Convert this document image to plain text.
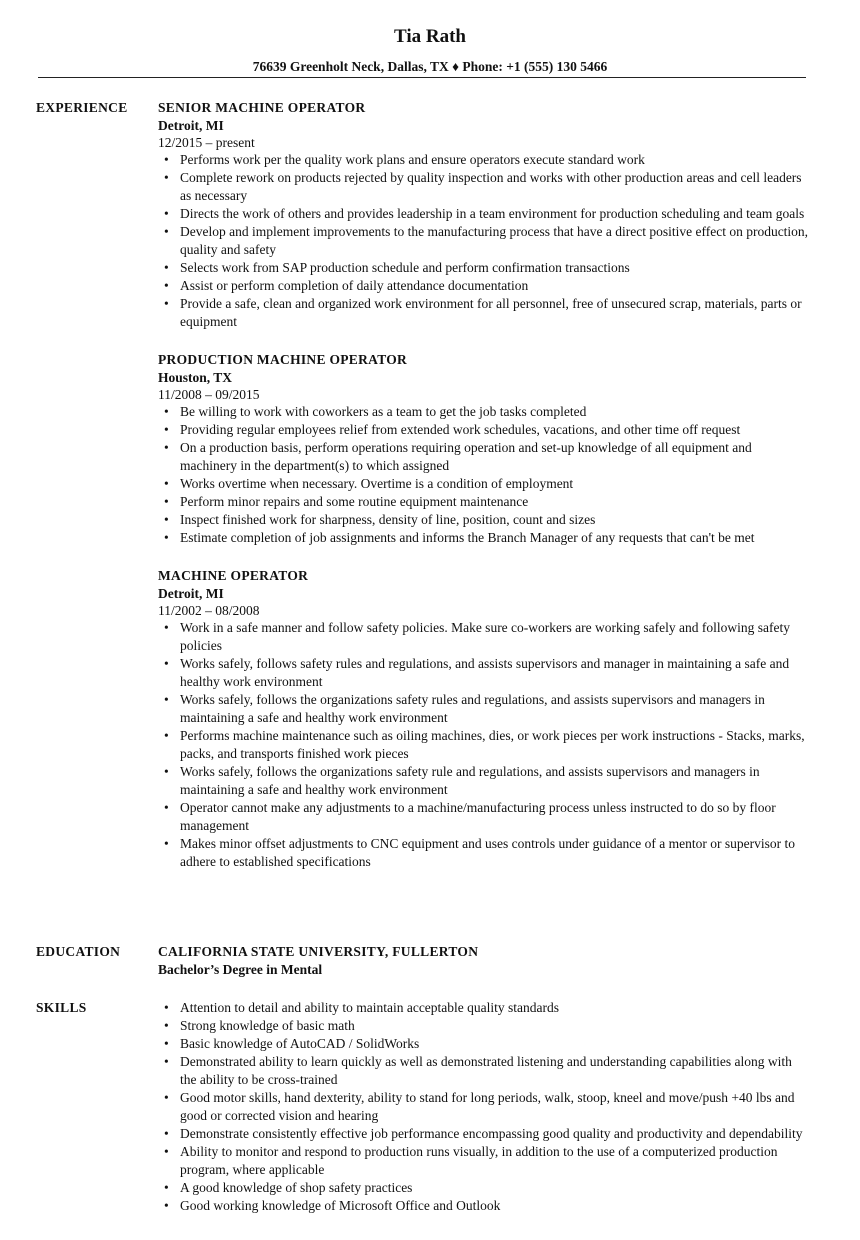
Tia Rath
76639 Greenholt Neck, Dallas, TX ♦ Phone: +1 (555) 130 5466
EXPERIENCE SENIOR MACHINE OPERATOR
Detroit, MI
12/2015 – present
• Performs work per the quality work plans and ensure operators execute standard work
• Complete rework on products rejected by quality inspection and works with other production areas and cell leaders as necessary
• Directs the work of others and provides leadership in a team environment for production scheduling and team goals
• Develop and implement improvements to the manufacturing process that have a direct positive effect on production, quality and safety
• Selects work from SAP production schedule and perform confirmation transactions
• Assist or perform completion of daily attendance documentation
• Provide a safe, clean and organized work environment for all personnel, free of unsecured scrap, materials, parts or equipment
PRODUCTION MACHINE OPERATOR
Houston, TX
11/2008 – 09/2015
• Be willing to work with coworkers as a team to get the job tasks completed
• Providing regular employees relief from extended work schedules, vacations, and other time off request
• On a production basis, perform operations requiring operation and set-up knowledge of all equipment and machinery in the department(s) to which assigned
• Works overtime when necessary. Overtime is a condition of employment
• Perform minor repairs and some routine equipment maintenance
• Inspect finished work for sharpness, density of line, position, count and sizes
• Estimate completion of job assignments and informs the Branch Manager of any requests that can't be met
MACHINE OPERATOR
Detroit, MI
11/2002 – 08/2008
• Work in a safe manner and follow safety policies. Make sure co-workers are working safely and following safety policies
• Works safely, follows safety rules and regulations, and assists supervisors and manager in maintaining a safe and healthy work environment
• Works safely, follows the organizations safety rules and regulations, and assists supervisors and managers in maintaining a safe and healthy work environment
• Performs machine maintenance such as oiling machines, dies, or work pieces per work instructions - Stacks, marks, packs, and transports finished work pieces
• Works safely, follows the organizations safety rule and regulations, and assists supervisors and managers in maintaining a safe and healthy work environment
• Operator cannot make any adjustments to a machine/manufacturing process unless instructed to do so by floor management
• Makes minor offset adjustments to CNC equipment and uses controls under guidance of a mentor or supervisor to adhere to established specifications
EDUCATION	CALIFORNIA STATE UNIVERSITY, FULLERTON
Bachelor’s Degree in Mental
SKILLS
•	Attention to detail and ability to maintain acceptable quality standards
• Strong knowledge of basic math
• Basic knowledge of AutoCAD / SolidWorks
• Demonstrated ability to learn quickly as well as demonstrated listening and understanding capabilities along with the ability to be cross-trained
• Good motor skills, hand dexterity, ability to stand for long periods, walk, stoop, kneel and move/push +40 lbs and good or corrected vision and hearing
• Demonstrate consistently effective job performance encompassing good quality and productivity and dependability
• Ability to monitor and respond to production runs visually, in addition to the use of a computerized production program, where applicable
• A good knowledge of shop safety practices
• Good working knowledge of Microsoft Office and Outlook
